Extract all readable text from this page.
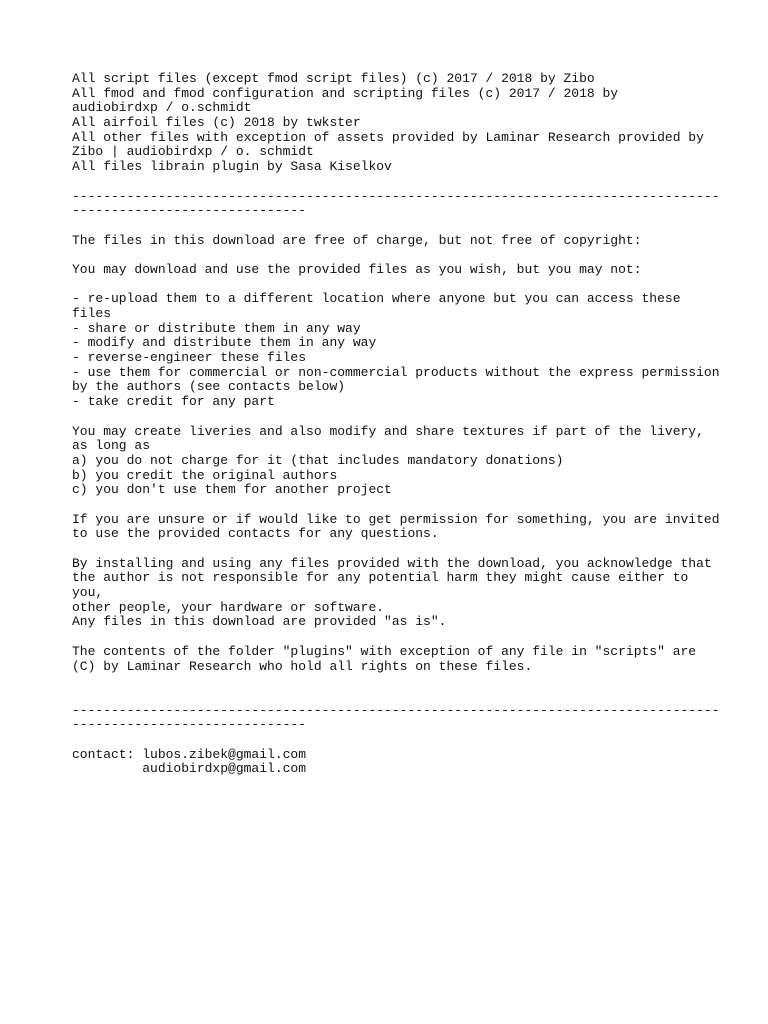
All script files (except fmod script files) (c) 2017 / 2018 by Zibo
All fmod and fmod configuration and scripting files (c) 2017 / 2018 by
audiobirdxp / o.schmidt
All airfoil files (c) 2018 by twkster
All other files with exception of assets provided by Laminar Research provided by
Zibo | audiobirdxp / o. schmidt
All files librain plugin by Sasa Kiselkov
-----------------------------------------------------------------------------------
------------------------------
The files in this download are free of charge, but not free of copyright:
You may download and use the provided files as you wish, but you may not:
- re-upload them to a different location where anyone but you can access these
files
- share or distribute them in any way
- modify and distribute them in any way
- reverse-engineer these files
- use them for commercial or non-commercial products without the express permission
by the authors (see contacts below)
- take credit for any part
You may create liveries and also modify and share textures if part of the livery,
as long as
a) you do not charge for it (that includes mandatory donations)
b) you credit the original authors
c) you don't use them for another project
If you are unsure or if would like to get permission for something, you are invited
to use the provided contacts for any questions.
By installing and using any files provided with the download, you acknowledge that
the author is not responsible for any potential harm they might cause either to
you,
other people, your hardware or software.
Any files in this download are provided "as is".
The contents of the folder "plugins" with exception of any file in "scripts" are
(C) by Laminar Research who hold all rights on these files.
-----------------------------------------------------------------------------------
------------------------------
contact: lubos.zibek@gmail.com
audiobirdxp@gmail.com
